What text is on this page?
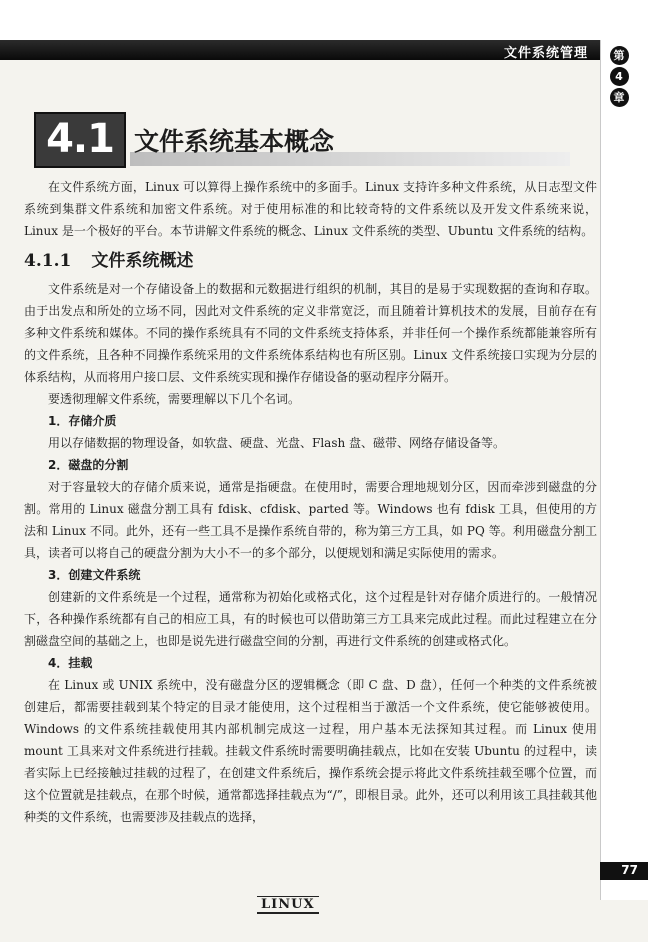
文件系统管理	第
4
章
77
4.1 文件系统基本概念

在文件系统方面，Linux 可以算得上操作系统中的多面手。Linux 支持许多种文件系统，从日志型文件系统到集群文件系统和加密文件系统。对于使用标准的和比较奇特的文件系统以及开发文件系统来说，Linux 是一个极好的平台。本节讲解文件系统的概念、Linux 文件系统的类型、Ubuntu 文件系统的结构。

4.1.1 文件系统概述

文件系统是对一个存储设备上的数据和元数据进行组织的机制，其目的是易于实现数据的查询和存取。由于出发点和所处的立场不同，因此对文件系统的定义非常宽泛，而且随着计算机技术的发展，目前存在有多种文件系统和媒体。不同的操作系统具有不同的文件系统支持体系，并非任何一个操作系统都能兼容所有的文件系统，且各种不同操作系统采用的文件系统体系结构也有所区别。Linux 文件系统接口实现为分层的体系结构，从而将用户接口层、文件系统实现和操作存储设备的驱动程序分隔开。

要透彻理解文件系统，需要理解以下几个名词。

1．存储介质

用以存储数据的物理设备，如软盘、硬盘、光盘、Flash 盘、磁带、网络存储设备等。

2．磁盘的分割

对于容量较大的存储介质来说，通常是指硬盘。在使用时，需要合理地规划分区，因而牵涉到磁盘的分割。常用的 Linux 磁盘分割工具有 fdisk、cfdisk、parted 等。Windows 也有 fdisk 工具，但使用的方法和 Linux 不同。此外，还有一些工具不是操作系统自带的，称为第三方工具，如 PQ 等。利用磁盘分割工具，读者可以将自己的硬盘分割为大小不一的多个部分，以便规划和满足实际使用的需求。

3．创建文件系统

创建新的文件系统是一个过程，通常称为初始化或格式化，这个过程是针对存储介质进行的。一般情况下，各种操作系统都有自己的相应工具，有的时候也可以借助第三方工具来完成此过程。而此过程建立在分割磁盘空间的基础之上，也即是说先进行磁盘空间的分割，再进行文件系统的创建或格式化。

4．挂载

在 Linux 或 UNIX 系统中，没有磁盘分区的逻辑概念（即 C 盘、D 盘），任何一个种类的文件系统被创建后，都需要挂载到某个特定的目录才能使用，这个过程相当于激活一个文件系统，使它能够被使用。Windows 的文件系统挂载使用其内部机制完成这一过程，用户基本无法探知其过程。而 Linux 使用 mount 工具来对文件系统进行挂载。挂载文件系统时需要明确挂载点，比如在安装 Ubuntu 的过程中，读者实际上已经接触过挂载的过程了，在创建文件系统后，操作系统会提示将此文件系统挂载至哪个位置，而这个位置就是挂载点，在那个时候，通常都选择挂载点为“/”，即根目录。此外，还可以利用该工具挂载其他种类的文件系统，也需要涉及挂载点的选择，

LINUX
